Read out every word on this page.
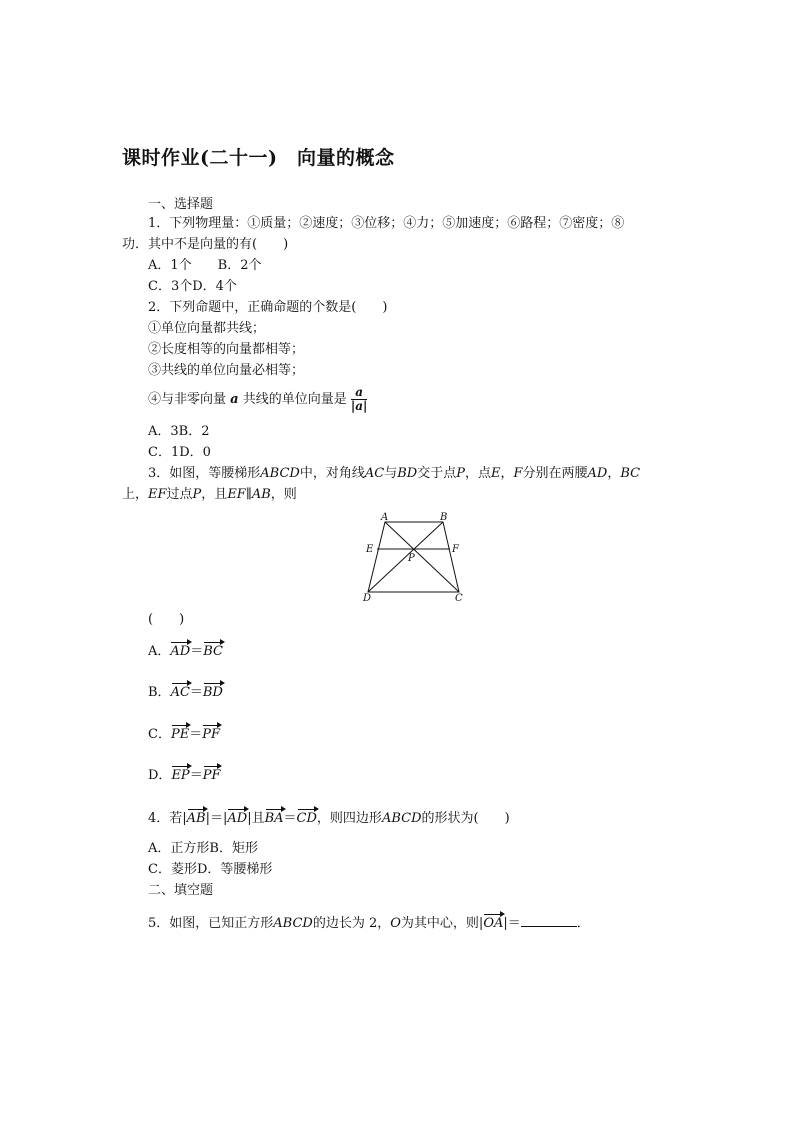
课时作业(二十一)　向量的概念
一、选择题
1．下列物理量：①质量；②速度；③位移；④力；⑤加速度；⑥路程；⑦密度；⑧
功．其中不是向量的有(　　)
A．1个　　B．2个
C．3个D．4个
2．下列命题中，正确命题的个数是(　　)
①单位向量都共线；
②长度相等的向量都相等；
③共线的单位向量必相等；
④与非零向量 a 共线的单位向量是 $\frac{a}{|a|}$
A．3B．2
C．1D．0
3．如图，等腰梯形ABCD中，对角线AC与BD交于点P，点E，F分别在两腰AD，BC
上，EF过点P，且EF∥AB，则
A	B
E	F
P
D	C
(　　)
A．AD＝BC
B．AC＝BD
C．PE＝PF
D．EP＝PF
4．若|AB|＝|AD|且BA＝CD，则四边形ABCD的形状为(　　)
A．正方形B．矩形
C．菱形D．等腰梯形
二、填空题
5．如图，已知正方形ABCD的边长为 2，O为其中心，则|OA|＝	．
